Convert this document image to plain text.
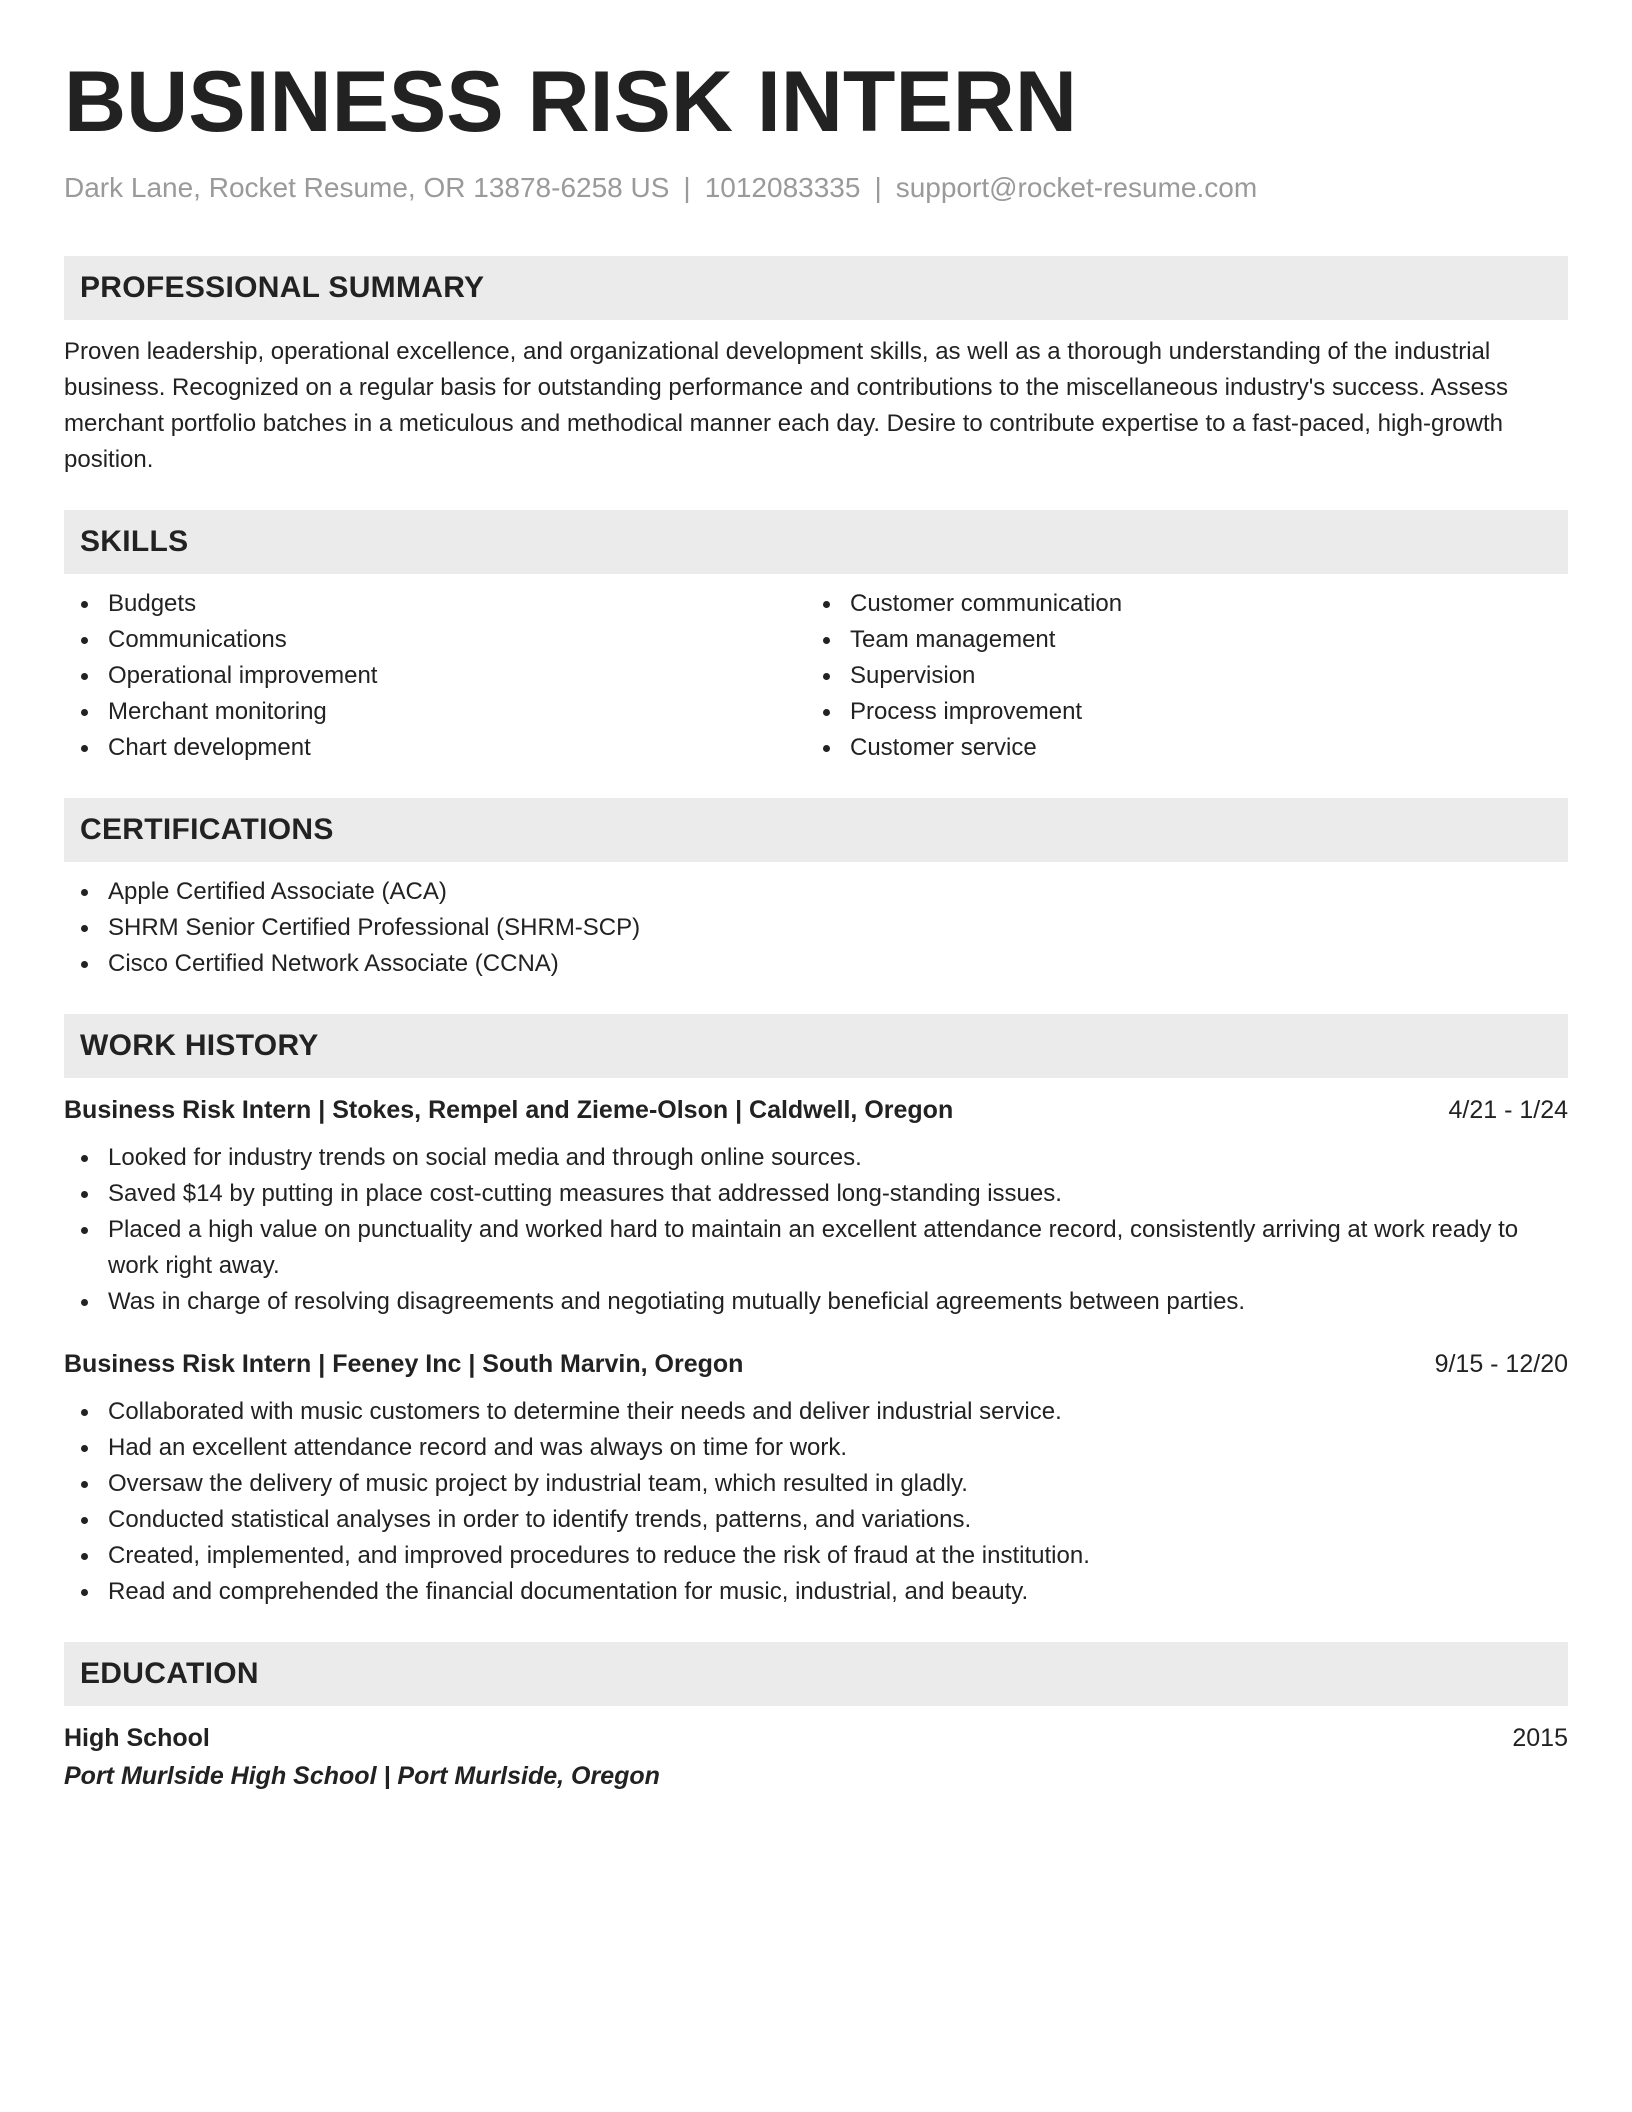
BUSINESS RISK INTERN
Dark Lane, Rocket Resume, OR 13878-6258 US | 1012083335 | support@rocket-resume.com
PROFESSIONAL SUMMARY
Proven leadership, operational excellence, and organizational development skills, as well as a thorough understanding of the industrial business. Recognized on a regular basis for outstanding performance and contributions to the miscellaneous industry's success. Assess merchant portfolio batches in a meticulous and methodical manner each day. Desire to contribute expertise to a fast-paced, high-growth position.
SKILLS
Budgets
Communications
Operational improvement
Merchant monitoring
Chart development
Customer communication
Team management
Supervision
Process improvement
Customer service
CERTIFICATIONS
Apple Certified Associate (ACA)
SHRM Senior Certified Professional (SHRM-SCP)
Cisco Certified Network Associate (CCNA)
WORK HISTORY
Business Risk Intern | Stokes, Rempel and Zieme-Olson | Caldwell, Oregon	4/21 - 1/24
Looked for industry trends on social media and through online sources.
Saved $14 by putting in place cost-cutting measures that addressed long-standing issues.
Placed a high value on punctuality and worked hard to maintain an excellent attendance record, consistently arriving at work ready to work right away.
Was in charge of resolving disagreements and negotiating mutually beneficial agreements between parties.
Business Risk Intern | Feeney Inc | South Marvin, Oregon	9/15 - 12/20
Collaborated with music customers to determine their needs and deliver industrial service.
Had an excellent attendance record and was always on time for work.
Oversaw the delivery of music project by industrial team, which resulted in gladly.
Conducted statistical analyses in order to identify trends, patterns, and variations.
Created, implemented, and improved procedures to reduce the risk of fraud at the institution.
Read and comprehended the financial documentation for music, industrial, and beauty.
EDUCATION
High School	2015
Port Murlside High School | Port Murlside, Oregon
